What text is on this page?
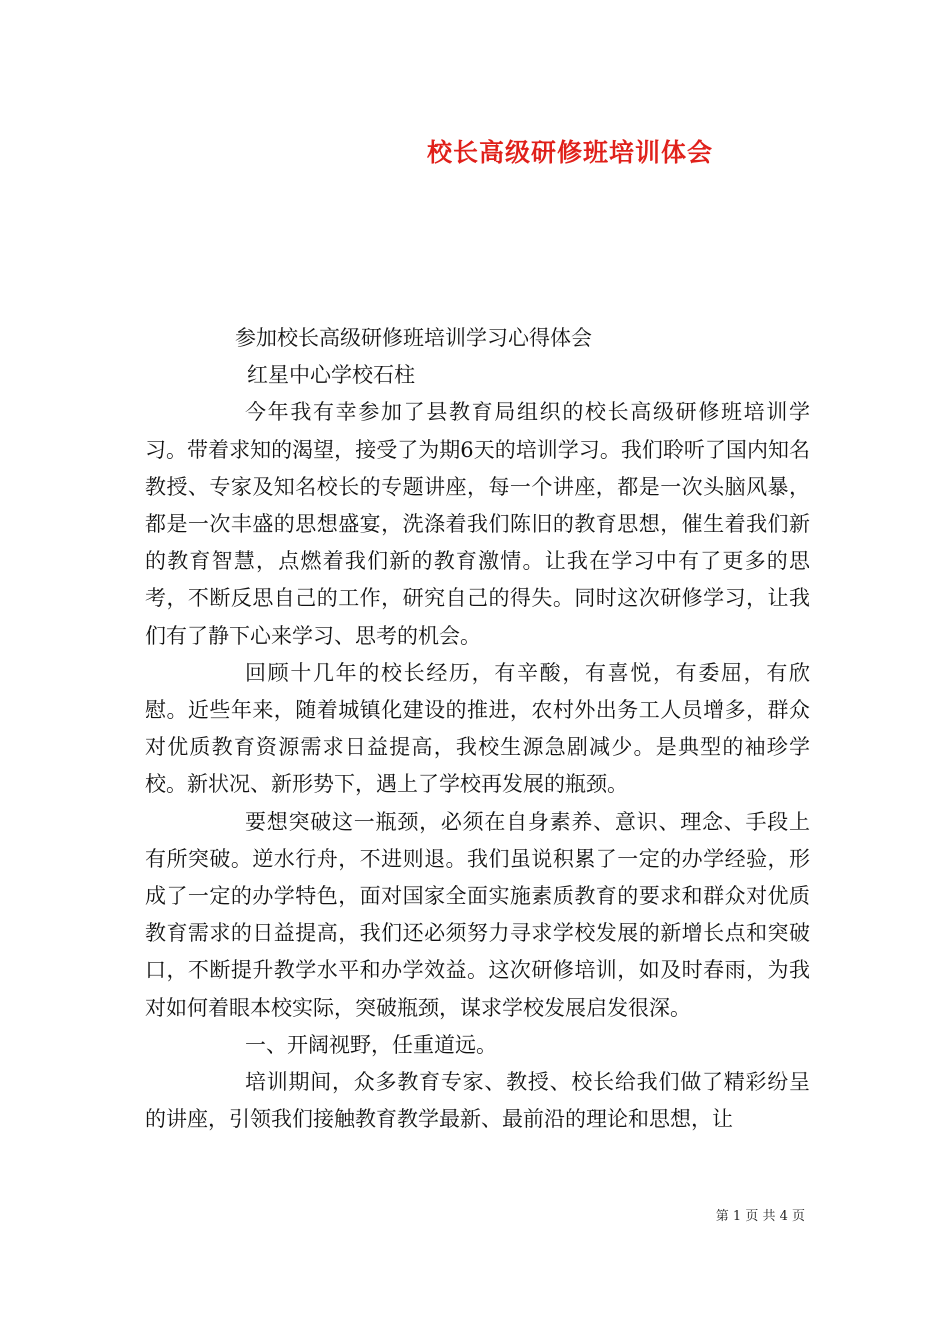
校长高级研修班培训体会

参加校长高级研修班培训学习心得体会

红星中心学校石柱

今年我有幸参加了县教育局组织的校长高级研修班培训学习。带着求知的渴望，接受了为期6天的培训学习。我们聆听了国内知名教授、专家及知名校长的专题讲座，每一个讲座，都是一次头脑风暴，都是一次丰盛的思想盛宴，洗涤着我们陈旧的教育思想，催生着我们新的教育智慧，点燃着我们新的教育激情。让我在学习中有了更多的思考，不断反思自己的工作，研究自己的得失。同时这次研修学习，让我们有了静下心来学习、思考的机会。

回顾十几年的校长经历，有辛酸，有喜悦，有委屈，有欣慰。近些年来，随着城镇化建设的推进，农村外出务工人员增多，群众对优质教育资源需求日益提高，我校生源急剧减少。是典型的袖珍学校。新状况、新形势下，遇上了学校再发展的瓶颈。

要想突破这一瓶颈，必须在自身素养、意识、理念、手段上有所突破。逆水行舟，不进则退。我们虽说积累了一定的办学经验，形成了一定的办学特色，面对国家全面实施素质教育的要求和群众对优质教育需求的日益提高，我们还必须努力寻求学校发展的新增长点和突破口，不断提升教学水平和办学效益。这次研修培训，如及时春雨，为我对如何着眼本校实际，突破瓶颈，谋求学校发展启发很深。

一、开阔视野，任重道远。

培训期间，众多教育专家、教授、校长给我们做了精彩纷呈的讲座，引领我们接触教育教学最新、最前沿的理论和思想，让

第 1 页 共 4 页
